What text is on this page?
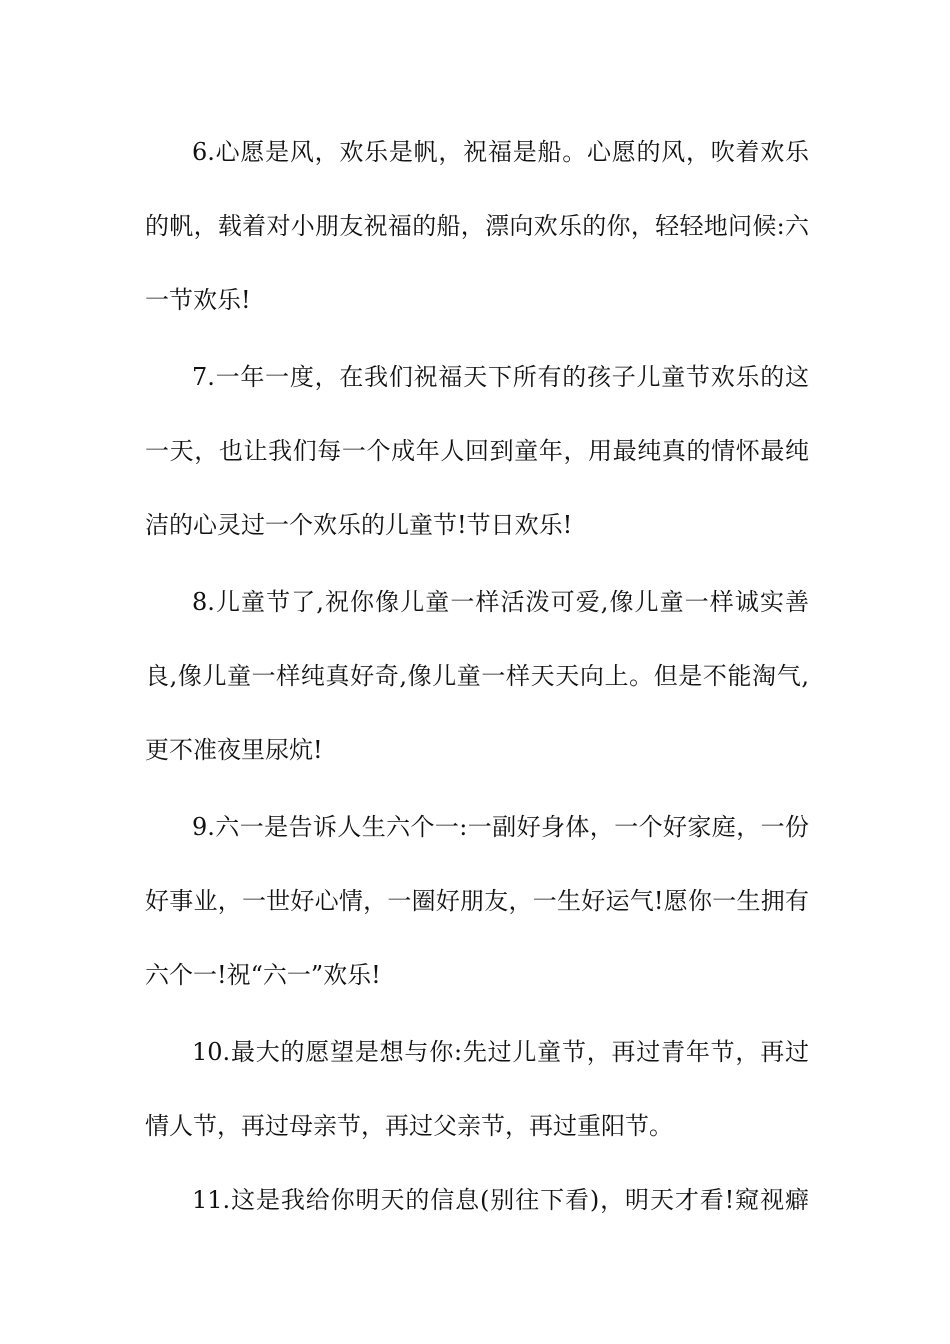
6.心愿是风，欢乐是帆，祝福是船。心愿的风，吹着欢乐
的帆，载着对小朋友祝福的船，漂向欢乐的你，轻轻地问候:六
一节欢乐!
7.一年一度，在我们祝福天下所有的孩子儿童节欢乐的这
一天，也让我们每一个成年人回到童年，用最纯真的情怀最纯
洁的心灵过一个欢乐的儿童节!节日欢乐!
8.儿童节了,祝你像儿童一样活泼可爱,像儿童一样诚实善
良,像儿童一样纯真好奇,像儿童一样天天向上。但是不能淘气,
更不准夜里尿炕!
9.六一是告诉人生六个一:一副好身体，一个好家庭，一份
好事业，一世好心情，一圈好朋友，一生好运气!愿你一生拥有
六个一!祝“六一”欢乐!
10.最大的愿望是想与你:先过儿童节，再过青年节，再过
情人节，再过母亲节，再过父亲节，再过重阳节。
11.这是我给你明天的信息(别往下看)，明天才看!窥视癖
